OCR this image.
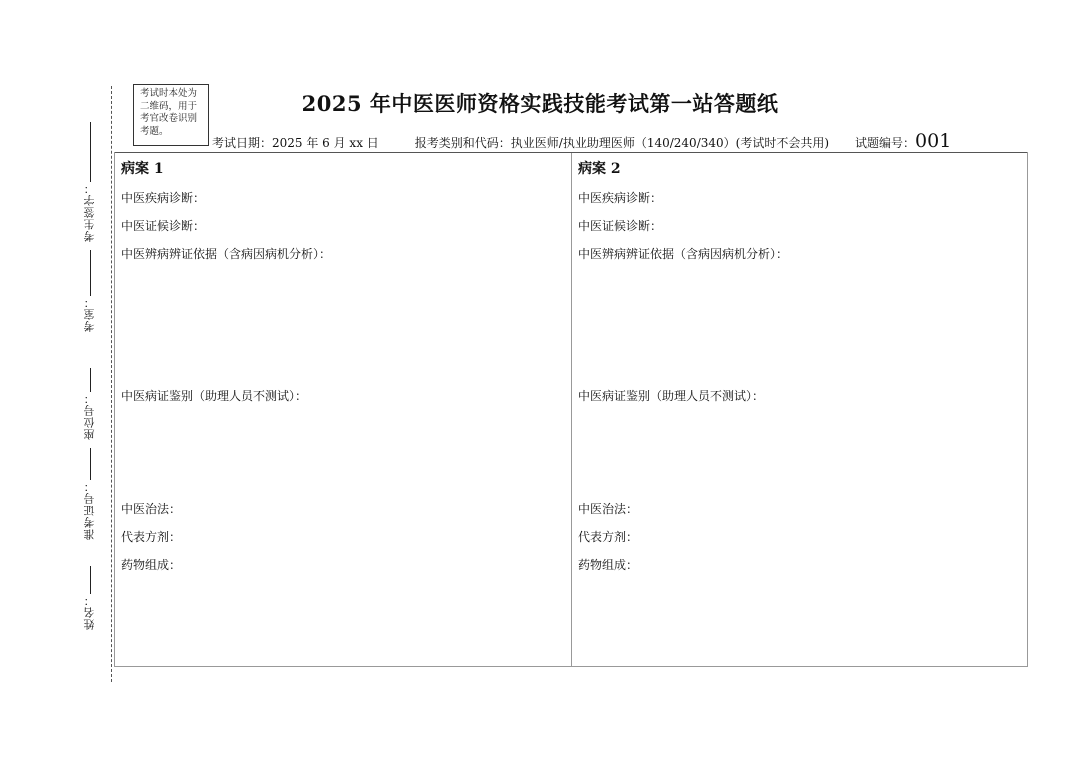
考生签字：
考室：
座位号：
准考证号：
姓名：
考试时本处为二维码，用于考官改卷识别考题。
2025 年中医医师资格实践技能考试第一站答题纸
考试日期：2025 年 6 月 xx 日	报考类别和代码：执业医师/执业助理医师（140/240/340）(考试时不会共用) 试题编号： 001
病案 1
中医疾病诊断：
中医证候诊断：
中医辨病辨证依据（含病因病机分析）：
中医病证鉴别（助理人员不测试）：
中医治法：
代表方剂：
药物组成：
病案 2
中医疾病诊断：
中医证候诊断：
中医辨病辨证依据（含病因病机分析）：
中医病证鉴别（助理人员不测试）：
中医治法：
代表方剂：
药物组成：
